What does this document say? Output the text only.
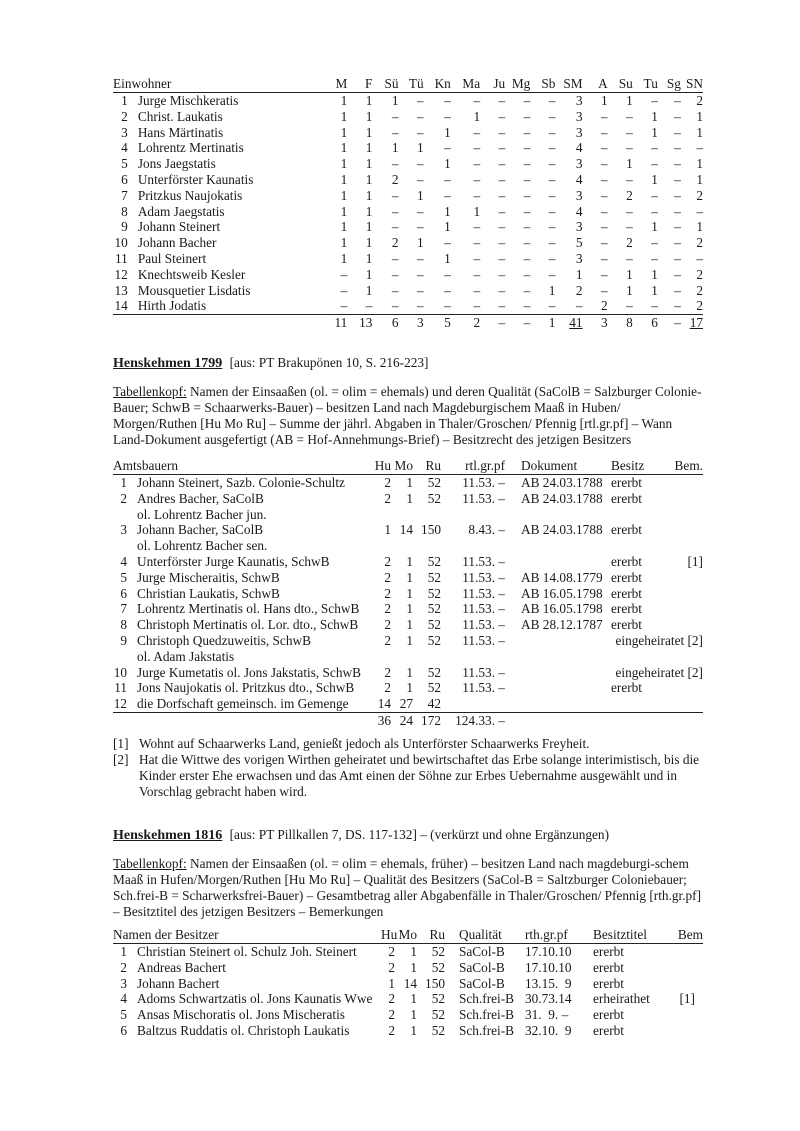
Einwohner		M	F	Sü	Tü	Kn	Ma	Ju	Mg	Sb	SM	A	Su	Tu	Sg	SN
1	Jurge Mischkeratis	1	1	1	–	–	–	–	–	–	3	1	1	–	–	2
2	Christ. Laukatis	1	1	–	–	–	1	–	–	–	3	–	–	1	–	1
3	Hans Märtinatis	1	1	–	–	1	–	–	–	–	3	–	–	1	–	1
4	Lohrentz Mertinatis	1	1	1	1	–	–	–	–	–	4	–	–	–	–	–
5	Jons Jaegstatis	1	1	–	–	1	–	–	–	–	3	–	1	–	–	1
6	Unterförster Kaunatis	1	1	2	–	–	–	–	–	–	4	–	–	1	–	1
7	Pritzkus Naujokatis	1	1	–	1	–	–	–	–	–	3	–	2	–	–	2
8	Adam Jaegstatis	1	1	–	–	1	1	–	–	–	4	–	–	–	–	–
9	Johann Steinert	1	1	–	–	1	–	–	–	–	3	–	–	1	–	1
10	Johann Bacher	1	1	2	1	–	–	–	–	–	5	–	2	–	–	2
11	Paul Steinert	1	1	–	–	1	–	–	–	–	3	–	–	–	–	–
12	Knechtsweib Kesler	–	1	–	–	–	–	–	–	–	1	–	1	1	–	2
13	Mousquetier Lisdatis	–	1	–	–	–	–	–	–	1	2	–	1	1	–	2
14	Hirth Jodatis	–	–	–	–	–	–	–	–	–	–	2	–	–	–	2
		11	13	6	3	5	2	–	–	1	41	3	8	6	–	17
Henskehmen 1799 [aus: PT Brakupönen 10, S. 216-223]

Tabellenkopf: Namen der Einsaaßen (ol. = olim = ehemals) und deren Qualität (SaColB = Salzburger Colonie-Bauer; SchwB = Schaarwerks-Bauer) – besitzen Land nach Magdeburgischem Maaß in Huben/ Morgen/Ruthen [Hu Mo Ru] – Summe der jährl. Abgaben in Thaler/Groschen/ Pfennig [rtl.gr.pf] – Wann Land-Dokument ausgefertigt (AB = Hof-Annehmungs-Brief) – Besitzrecht des jetzigen Besitzers

Amtsbauern		Hu	Mo	Ru	rtl.gr.pf	Dokument	Besitz	Bem.
1	Johann Steinert, Sazb. Colonie-Schultz	2	1	52	11.53. –	AB 24.03.1788	ererbt	
2	Andres Bacher, SaColB	2	1	52	11.53. –	AB 24.03.1788	ererbt	
	ol. Lohrentz Bacher jun.							
3	Johann Bacher, SaColB	1	14	150	8.43. –	AB 24.03.1788	ererbt	
	ol. Lohrentz Bacher sen.							
4	Unterförster Jurge Kaunatis, SchwB	2	1	52	11.53. –		ererbt	[1]
5	Jurge Mischeraitis, SchwB	2	1	52	11.53. –	AB 14.08.1779	ererbt	
6	Christian Laukatis, SchwB	2	1	52	11.53. –	AB 16.05.1798	ererbt	
7	Lohrentz Mertinatis ol. Hans dto., SchwB	2	1	52	11.53. –	AB 16.05.1798	ererbt	
8	Christoph Mertinatis ol. Lor. dto., SchwB	2	1	52	11.53. –	AB 28.12.1787	ererbt	
9	Christoph Quedzuweitis, SchwB	2	1	52	11.53. –		eingeheiratet [2]	
	ol. Adam Jakstatis							
10	Jurge Kumetatis ol. Jons Jakstatis, SchwB	2	1	52	11.53. –		eingeheiratet [2]	
11	Jons Naujokatis ol. Pritzkus dto., SchwB	2	1	52	11.53. –		ererbt	
12	die Dorfschaft gemeinsch. im Gemenge	14	27	42				
		36	24	172	124.33. –			
[1] Wohnt auf Schaarwerks Land, genießt jedoch als Unterförster Schaarwerks Freyheit.
[2] Hat die Wittwe des vorigen Wirthen geheiratet und bewirtschaftet das Erbe solange interimistisch, bis die Kinder erster Ehe erwachsen und das Amt einen der Söhne zur Erbes Uebernahme ausgewählt und in Vorschlag gebracht haben wird.
Henskehmen 1816 [aus: PT Pillkallen 7, DS. 117-132] – (verkürzt und ohne Ergänzungen)

Tabellenkopf: Namen der Einsaaßen (ol. = olim = ehemals, früher) – besitzen Land nach magdeburgi-schem Maaß in Hufen/Morgen/Ruthen [Hu Mo Ru] – Qualität des Besitzers (SaCol-B = Saltzburger Coloniebauer; Sch.frei-B = Scharwerksfrei-Bauer) – Gesamtbetrag aller Abgabenfälle in Thaler/Groschen/ Pfennig [rth.gr.pf] – Besitztitel des jetzigen Besitzers – Bemerkungen

Namen der Besitzer		Hu	Mo	Ru	Qualität	rth.gr.pf	Besitztitel	Bem
1	Christian Steinert ol. Schulz Joh. Steinert	2	1	52	SaCol-B	17.10.10	ererbt	
2	Andreas Bachert	2	1	52	SaCol-B	17.10.10	ererbt	
3	Johann Bachert	1	14	150	SaCol-B	13.15.  9	ererbt	
4	Adoms Schwartzatis ol. Jons Kaunatis Wwe	2	1	52	Sch.frei-B	30.73.14	erheirathet	[1]
5	Ansas Mischoratis ol. Jons Mischeratis	2	1	52	Sch.frei-B	31.  9. –	ererbt	
6	Baltzus Ruddatis ol. Christoph Laukatis	2	1	52	Sch.frei-B	32.10.  9	ererbt	
